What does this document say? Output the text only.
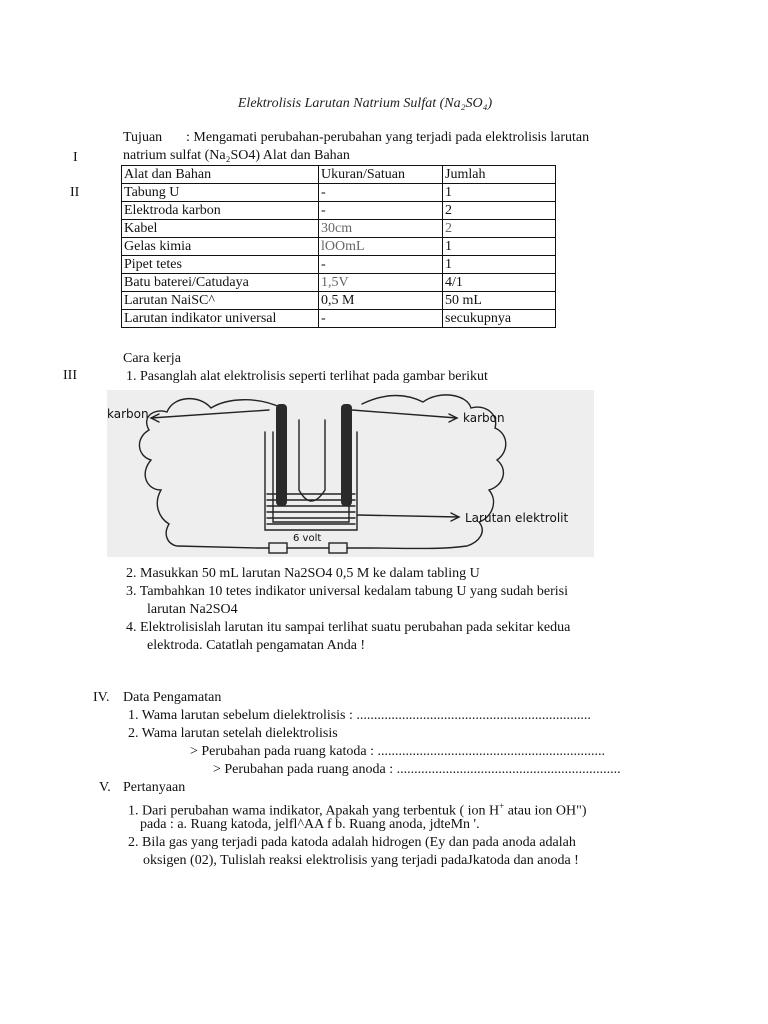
Elektrolisis Larutan Natrium Sulfat (Na₂SO₄)
I
Tujuan : Mengamati perubahan-perubahan yang terjadi pada elektrolisis larutan
natrium sulfat (Na₂SO4) Alat dan Bahan
II
Alat dan Bahan	Ukuran/Satuan	Jumlah
Tabung U	-	1
Elektroda karbon	-	2
Kabel	30cm	2
Gelas kimia	lOOmL	1
Pipet tetes	-	1
Batu baterei/Catudaya	1,5V	4/1
Larutan NaiSC^	0,5 M	50 mL
Larutan indikator universal	-	secukupnya
Cara kerja
III	1. Pasanglah alat elektrolisis seperti terlihat pada gambar berikut
karbon	karbon
Larutan elektrolit
6 volt
2. Masukkan 50 mL larutan Na2SO4 0,5 M ke dalam tabling U
3. Tambahkan 10 tetes indikator universal kedalam tabung U yang sudah berisi
larutan Na2SO4
4. Elektrolisislah larutan itu sampai terlihat suatu perubahan pada sekitar kedua
elektroda. Catatlah pengamatan Anda !
IV. Data Pengamatan
1. Wama larutan sebelum dielektrolisis : ...................................................................
2. Wama larutan setelah dielektrolisis
> Perubahan pada ruang katoda : .................................................................
> Perubahan pada ruang anoda : ................................................................
V. Pertanyaan
1. Dari perubahan wama indikator, Apakah yang terbentuk ( ion H+ atau ion OH")
pada : a. Ruang katoda, jelfl^AA f b. Ruang anoda, jdteMn '.
2. Bila gas yang terjadi pada katoda adalah hidrogen (Ey dan pada anoda adalah
oksigen (02), Tulislah reaksi elektrolisis yang terjadi padaJkatoda dan anoda !
